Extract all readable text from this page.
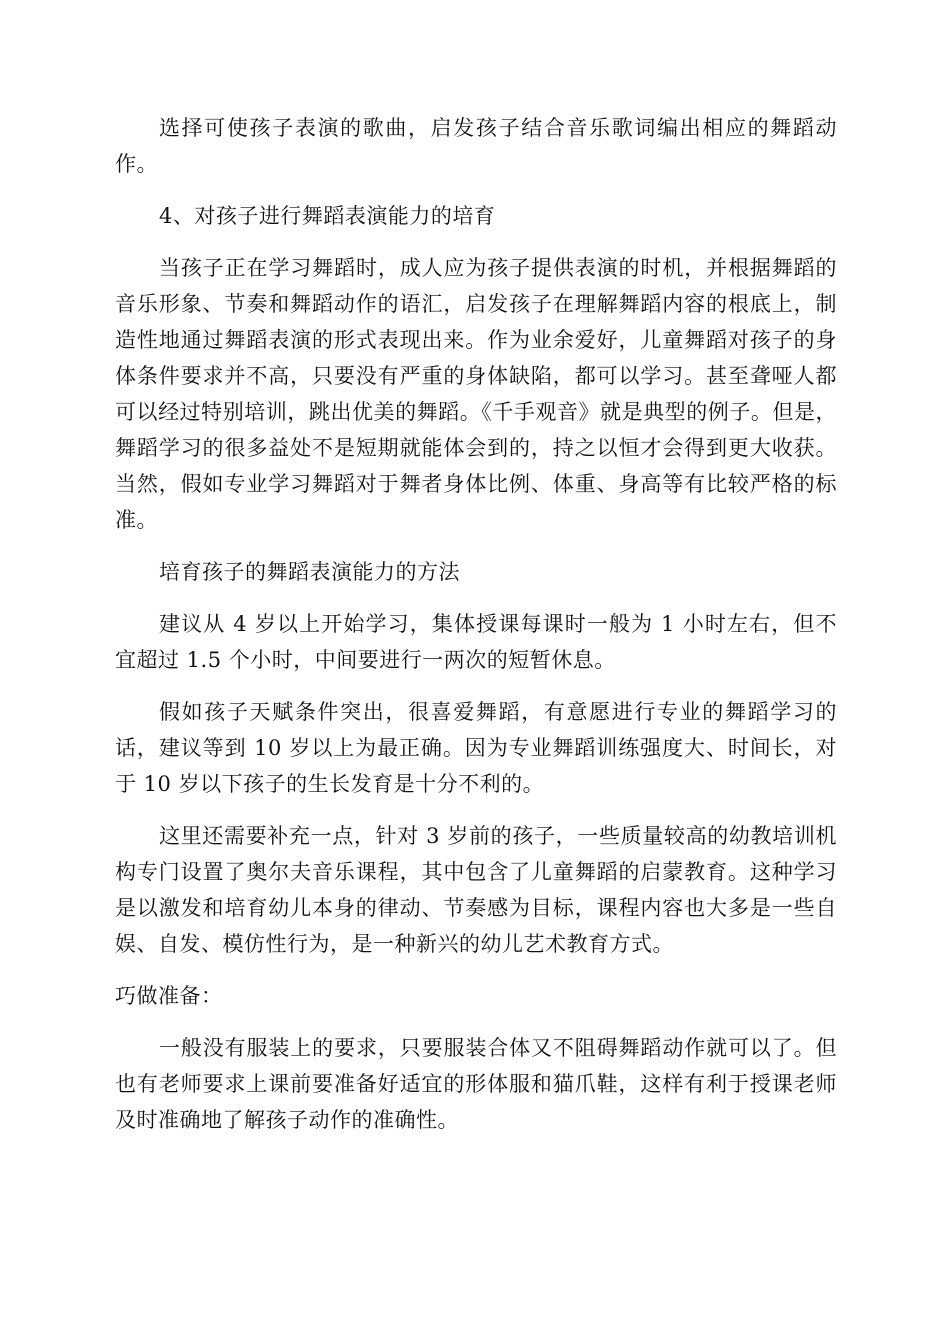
选择可使孩子表演的歌曲，启发孩子结合音乐歌词编出相应的舞蹈动作。

4、对孩子进行舞蹈表演能力的培育

当孩子正在学习舞蹈时，成人应为孩子提供表演的时机，并根据舞蹈的音乐形象、节奏和舞蹈动作的语汇，启发孩子在理解舞蹈内容的根底上，制造性地通过舞蹈表演的形式表现出来。作为业余爱好，儿童舞蹈对孩子的身体条件要求并不高，只要没有严重的身体缺陷，都可以学习。甚至聋哑人都可以经过特别培训，跳出优美的舞蹈。《千手观音》就是典型的例子。但是，舞蹈学习的很多益处不是短期就能体会到的，持之以恒才会得到更大收获。当然，假如专业学习舞蹈对于舞者身体比例、体重、身高等有比较严格的标准。

培育孩子的舞蹈表演能力的方法

建议从 4 岁以上开始学习，集体授课每课时一般为 1 小时左右，但不宜超过 1.5 个小时，中间要进行一两次的短暂休息。

假如孩子天赋条件突出，很喜爱舞蹈，有意愿进行专业的舞蹈学习的话，建议等到 10 岁以上为最正确。因为专业舞蹈训练强度大、时间长，对于 10 岁以下孩子的生长发育是十分不利的。

这里还需要补充一点，针对 3 岁前的孩子，一些质量较高的幼教培训机构专门设置了奥尔夫音乐课程，其中包含了儿童舞蹈的启蒙教育。这种学习是以激发和培育幼儿本身的律动、节奏感为目标，课程内容也大多是一些自娱、自发、模仿性行为，是一种新兴的幼儿艺术教育方式。

巧做准备：

一般没有服装上的要求，只要服装合体又不阻碍舞蹈动作就可以了。但也有老师要求上课前要准备好适宜的形体服和猫爪鞋，这样有利于授课老师及时准确地了解孩子动作的准确性。
